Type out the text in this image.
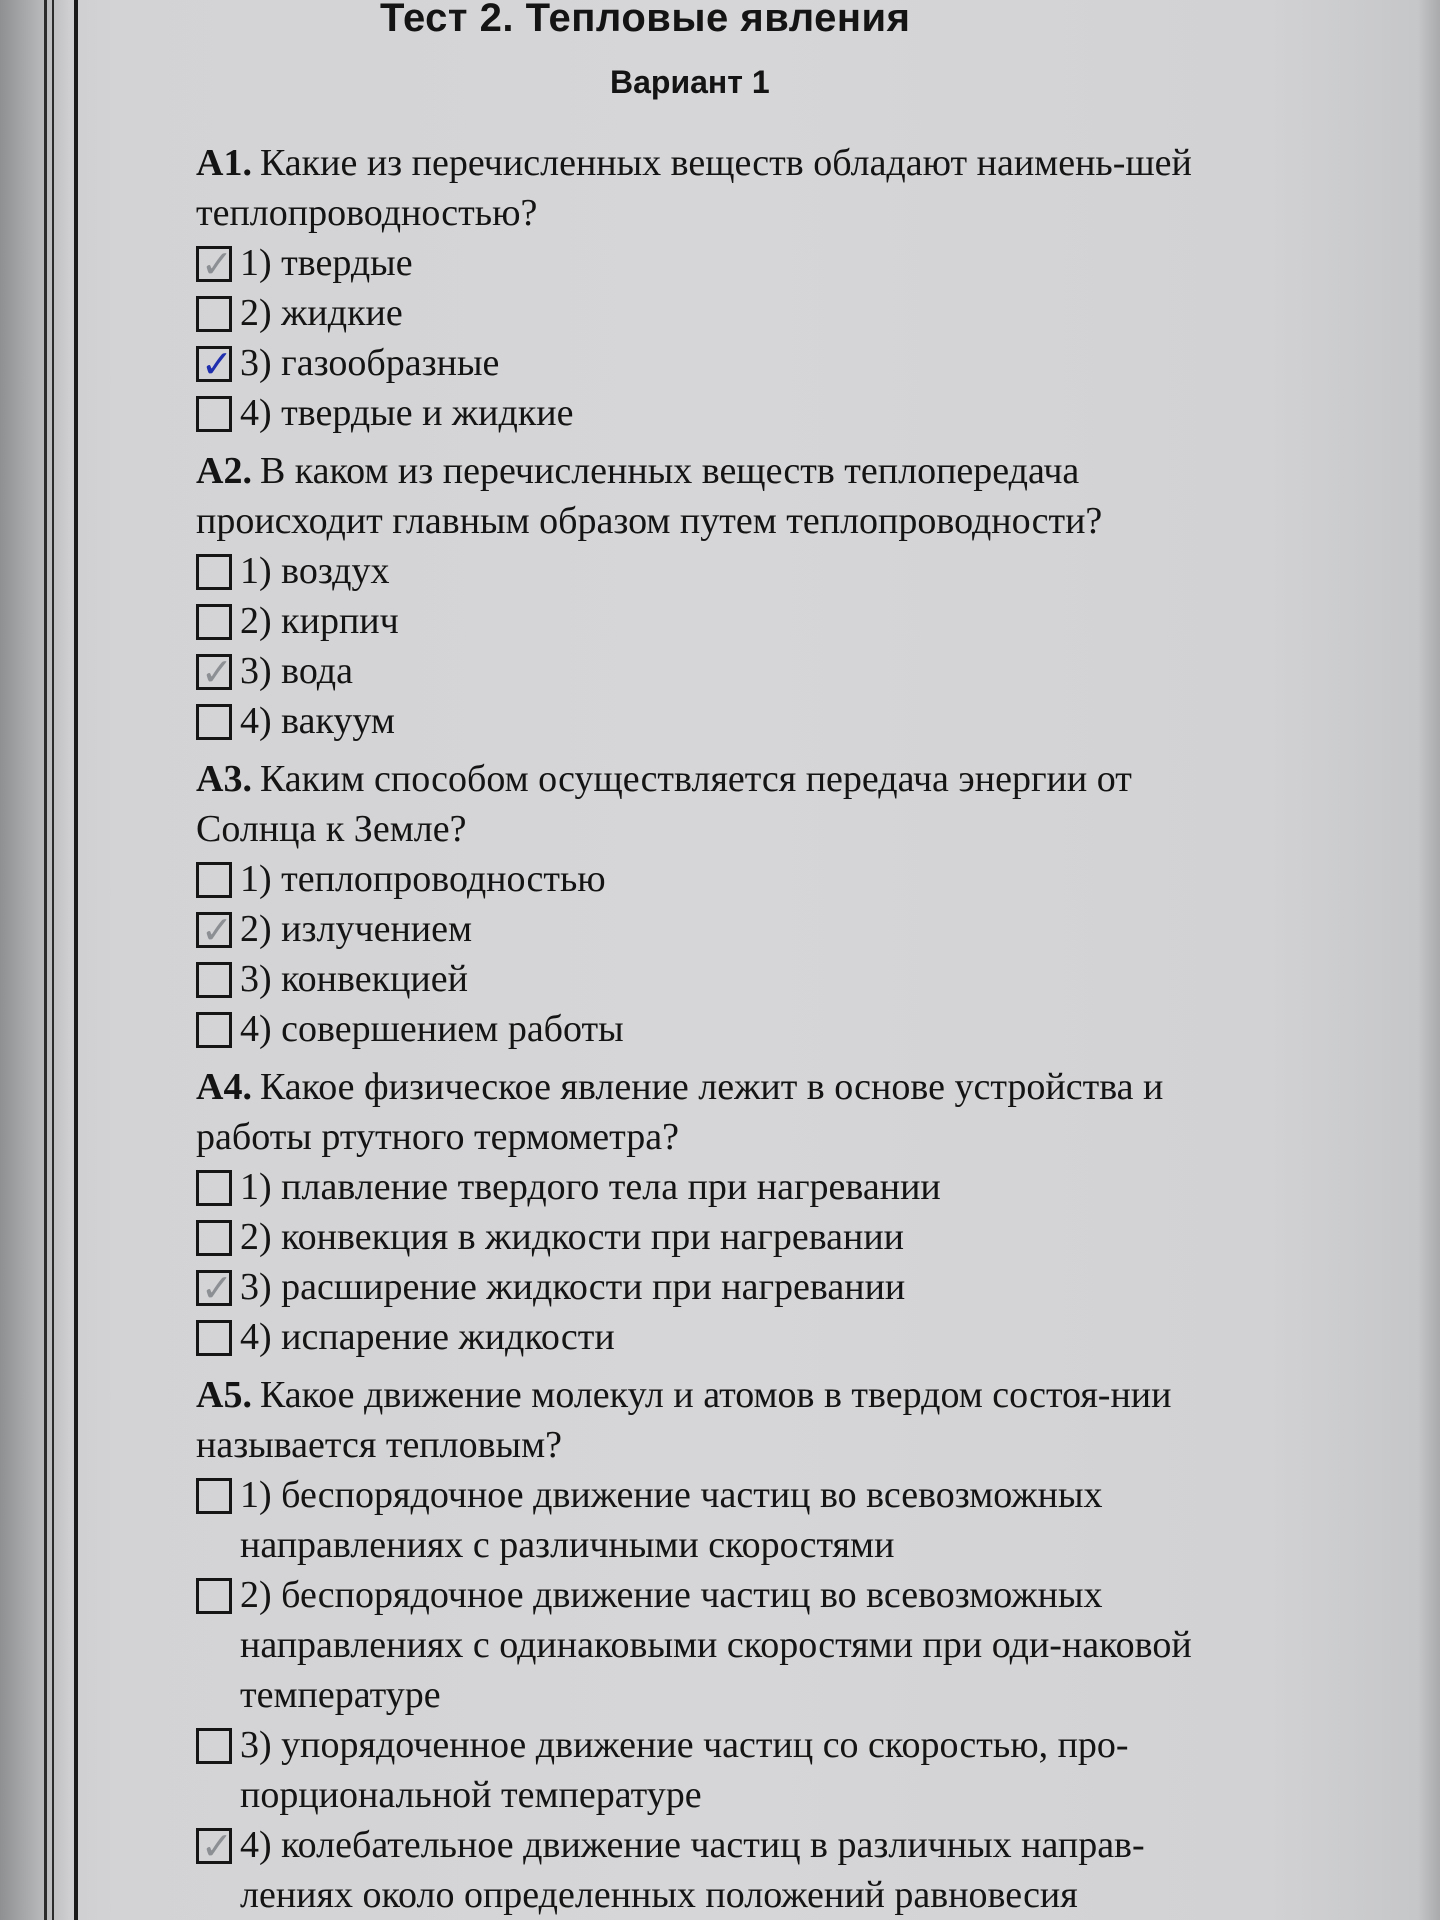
Тест 2. Тепловые явления
Вариант 1

А1. Какие из перечисленных веществ обладают наимень-шей теплопроводностью?

✓ 1) твердые
2) жидкие
✓ 3) газообразные
4) твердые и жидкие

А2. В каком из перечисленных веществ теплопередача происходит главным образом путем теплопроводности?

1) воздух
2) кирпич
✓ 3) вода
4) вакуум

А3. Каким способом осуществляется передача энергии от Солнца к Земле?

1) теплопроводностью
✓ 2) излучением
3) конвекцией
4) совершением работы

А4. Какое физическое явление лежит в основе устройства и работы ртутного термометра?

1) плавление твердого тела при нагревании
2) конвекция в жидкости при нагревании
✓ 3) расширение жидкости при нагревании
4) испарение жидкости

А5. Какое движение молекул и атомов в твердом состоя-нии называется тепловым?

1) беспорядочное движение частиц во всевозможных направлениях с различными скоростями
2) беспорядочное движение частиц во всевозможных направлениях с одинаковыми скоростями при оди-наковой температуре
3) упорядоченное движение частиц со скоростью, про-порциональной температуре
✓ 4) колебательное движение частиц в различных направ-лениях около определенных положений равновесия
